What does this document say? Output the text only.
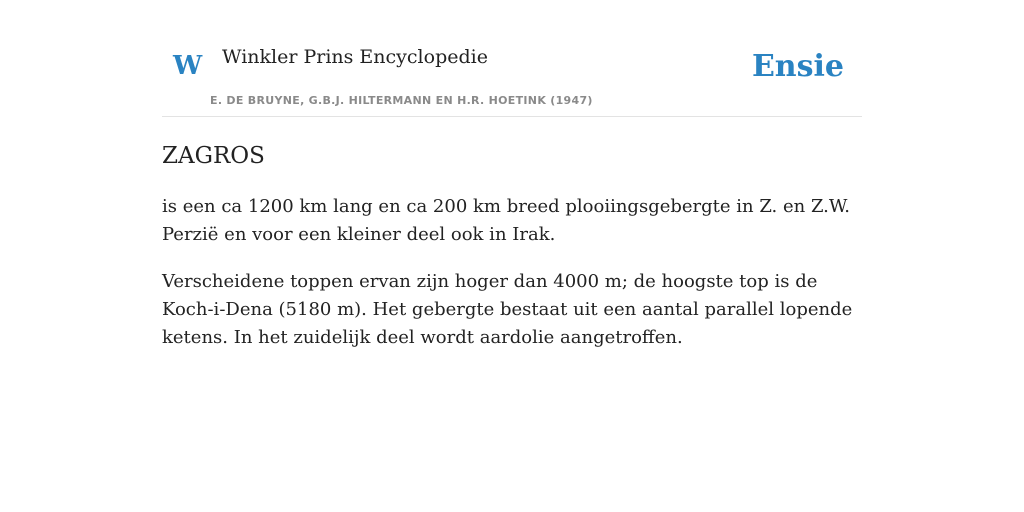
W Winkler Prins Encyclopedie
E. DE BRUYNE, G.B.J. HILTERMANN EN H.R. HOETINK (1947)
Ensie
ZAGROS

is een ca 1200 km lang en ca 200 km breed plooiingsgebergte in Z. en Z.W. Perzië en voor een kleiner deel ook in Irak.

Verscheidene toppen ervan zijn hoger dan 4000 m; de hoogste top is de Koch-i-Dena (5180 m). Het gebergte bestaat uit een aantal parallel lopende ketens. In het zuidelijk deel wordt aardolie aangetroffen.
